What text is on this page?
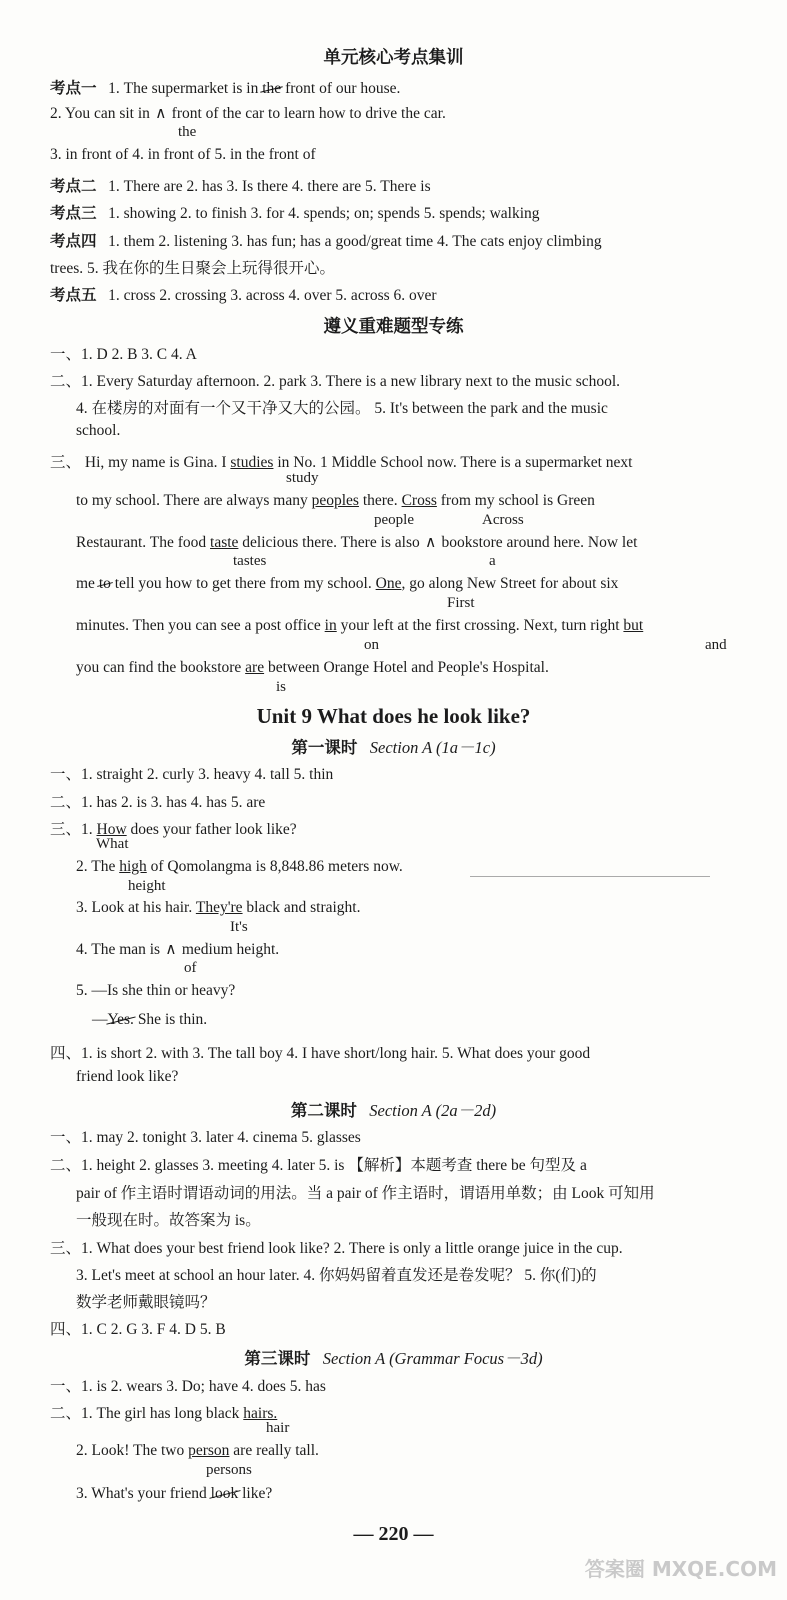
单元核心考点集训
考点一 1. The supermarket is in the front of our house.
2. You can sit in ∧ front of the car to learn how to drive the car.
the
3. in front of 4. in front of 5. in the front of
考点二 1. There are 2. has 3. Is there 4. there are 5. There is
考点三 1. showing 2. to finish 3. for 4. spends; on; spends 5. spends; walking
考点四 1. them 2. listening 3. has fun; has a good/great time 4. The cats enjoy climbing
trees. 5. 我在你的生日聚会上玩得很开心。
考点五 1. cross 2. crossing 3. across 4. over 5. across 6. over
遵义重难题型专练
一、1. D 2. B 3. C 4. A
二、1. Every Saturday afternoon. 2. park 3. There is a new library next to the music school.
4. 在楼房的对面有一个又干净又大的公园。 5. It's between the park and the music
school.
三、 Hi, my name is Gina. I studies in No. 1 Middle School now. There is a supermarket next
study
to my school. There are always many peoples there. Cross from my school is Green
people	Across
Restaurant. The food taste delicious there. There is also ∧ bookstore around here. Now let
tastes	a
me to tell you how to get there from my school. One, go along New Street for about six
First
minutes. Then you can see a post office in your left at the first crossing. Next, turn right but
on	and
you can find the bookstore are between Orange Hotel and People's Hospital.
is
Unit 9 What does he look like?
第一课时 Section A (1a－1c)
一、1. straight 2. curly 3. heavy 4. tall 5. thin
二、1. has 2. is 3. has 4. has 5. are
三、1. How does your father look like?
What
2. The high of Qomolangma is 8,848.86 meters now.
height
3. Look at his hair. They're black and straight.
It's
4. The man is ∧ medium height.
of
5. —Is she thin or heavy?
—Yes. She is thin.
四、1. is short 2. with 3. The tall boy 4. I have short/long hair. 5. What does your good
friend look like?
第二课时 Section A (2a－2d)
一、1. may 2. tonight 3. later 4. cinema 5. glasses
二、1. height 2. glasses 3. meeting 4. later 5. is 【解析】本题考查 there be 句型及 a
pair of 作主语时谓语动词的用法。当 a pair of 作主语时，谓语用单数；由 Look 可知用
一般现在时。故答案为 is。
三、1. What does your best friend look like? 2. There is only a little orange juice in the cup.
3. Let's meet at school an hour later. 4. 你妈妈留着直发还是卷发呢？ 5. 你(们)的
数学老师戴眼镜吗？
四、1. C 2. G 3. F 4. D 5. B
第三课时 Section A (Grammar Focus－3d)
一、1. is 2. wears 3. Do; have 4. does 5. has
二、1. The girl has long black hairs.
hair
2. Look! The two person are really tall.
persons
3. What's your friend look like?
— 220 —
答案圈 MXQE.COM
